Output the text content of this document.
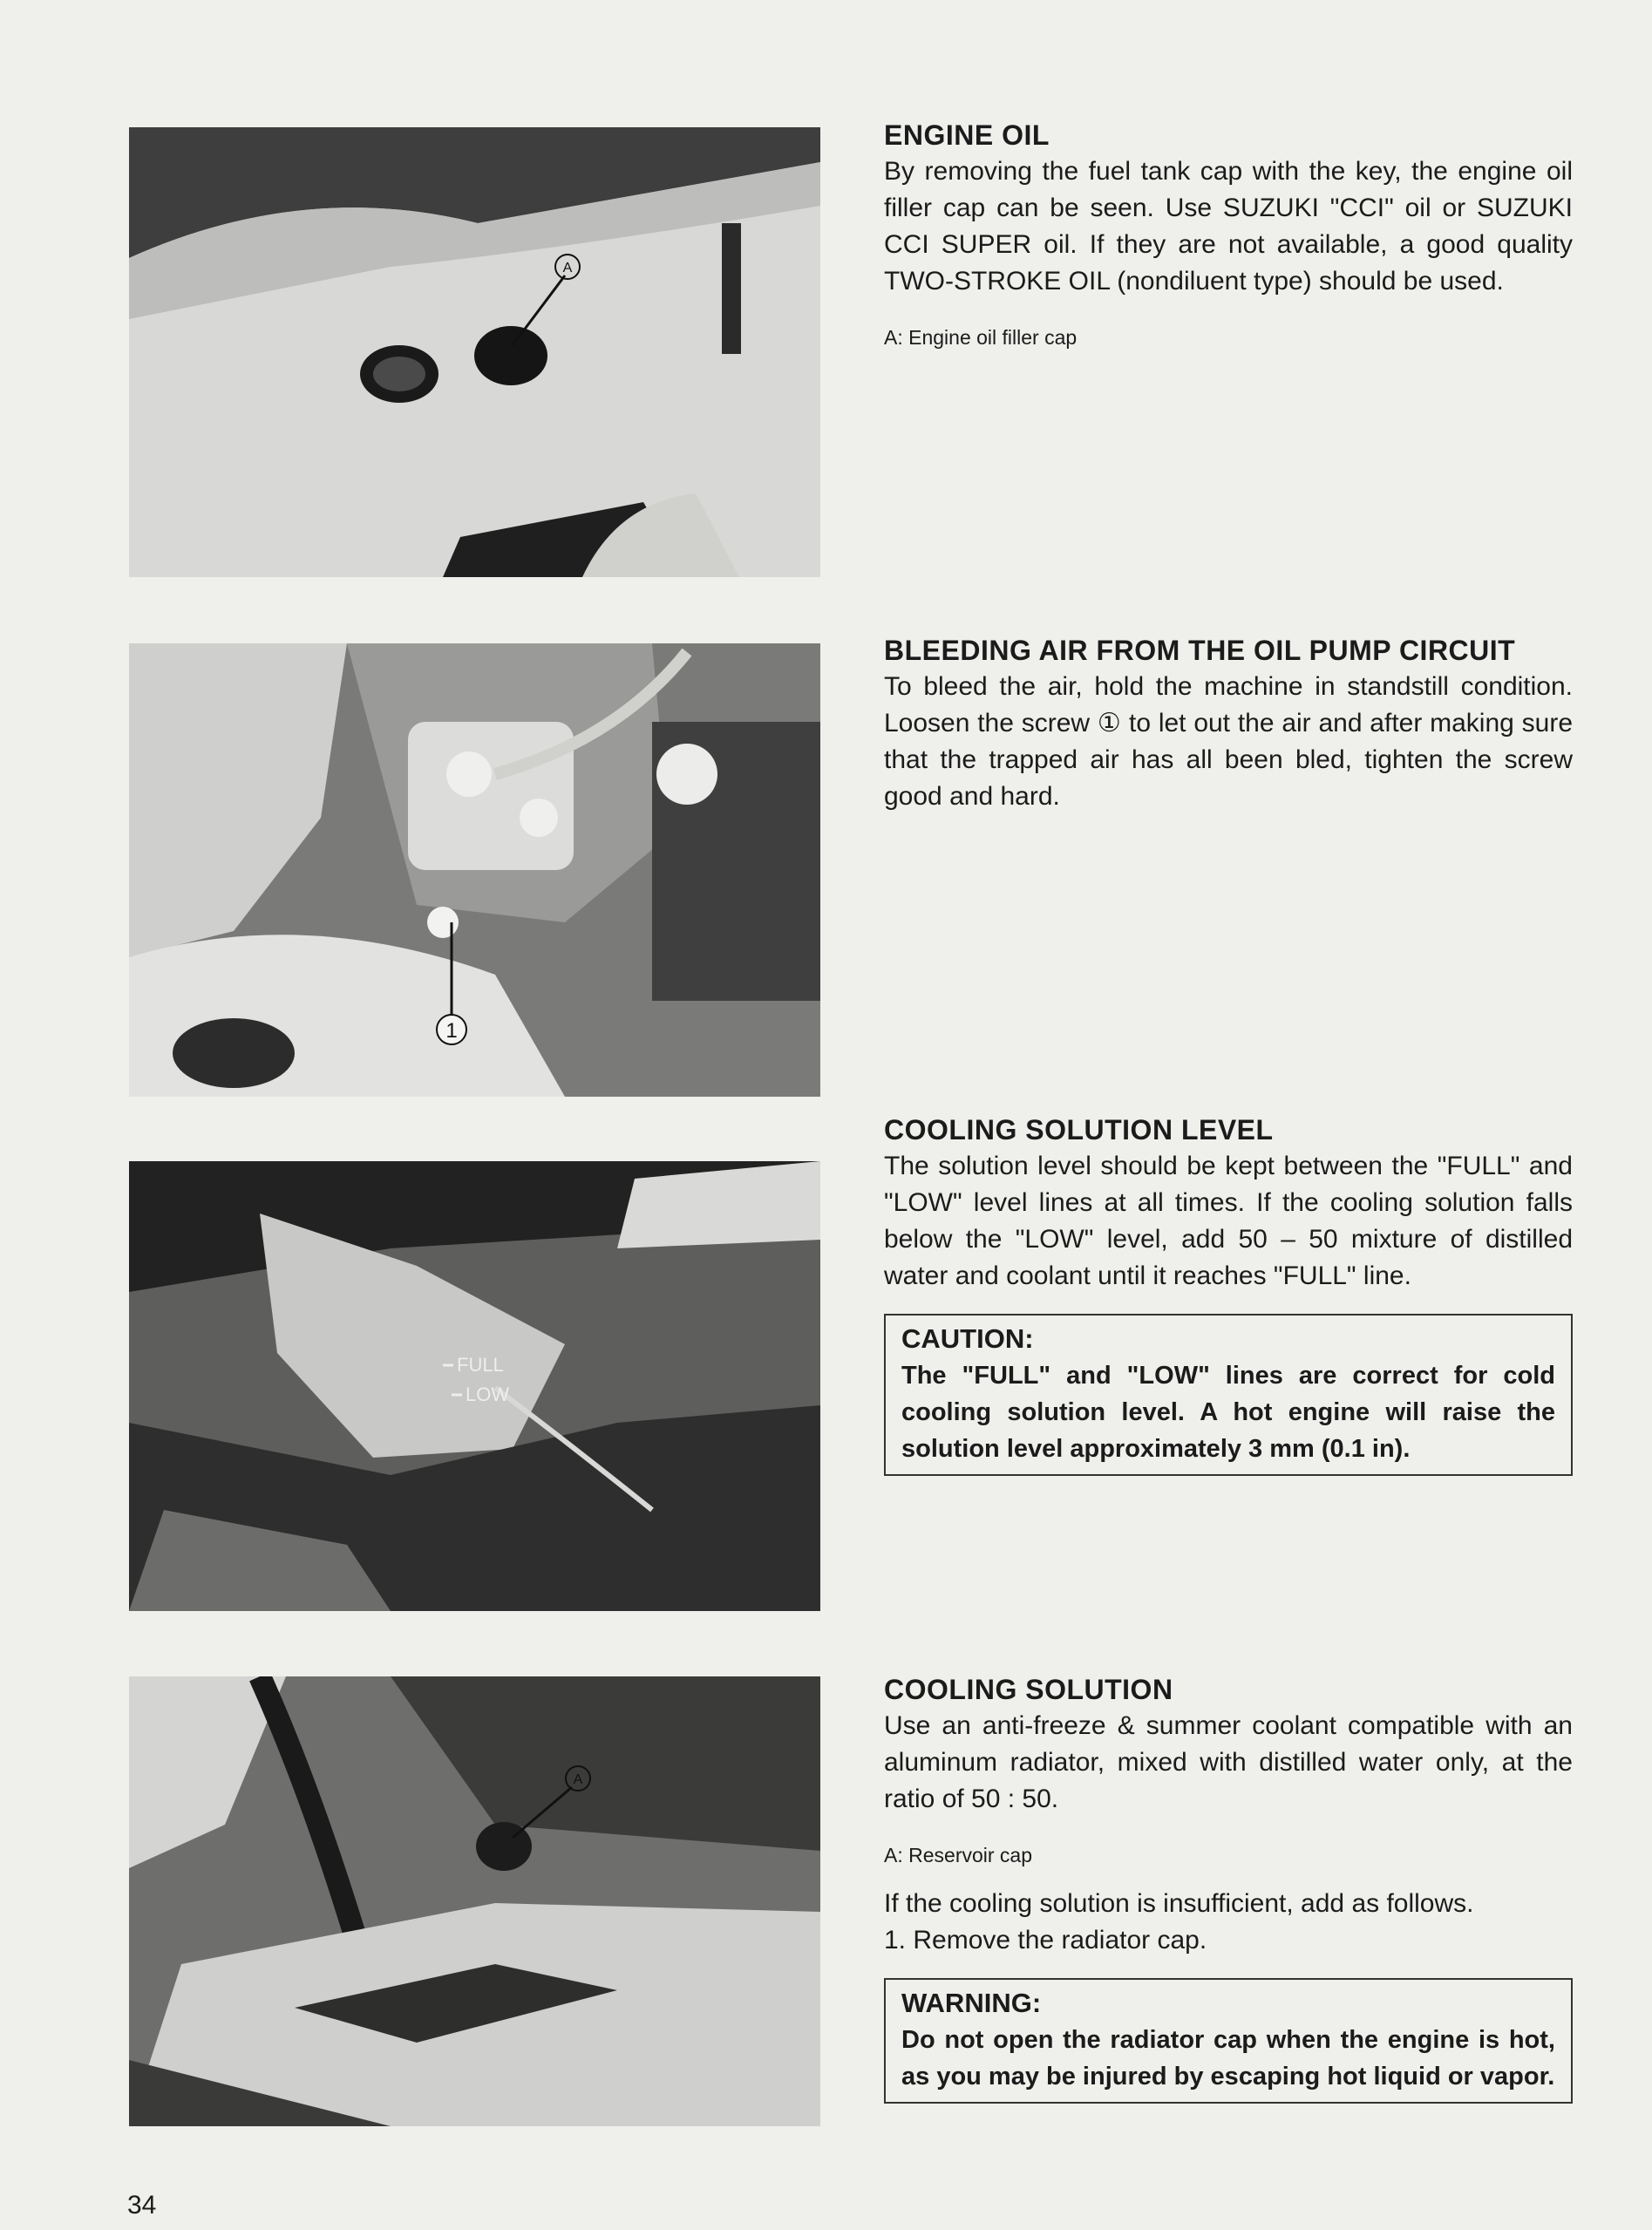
A
1
FULL
LOW
A

ENGINE OIL

By removing the fuel tank cap with the key, the engine oil filler cap can be seen. Use SUZUKI "CCI" oil or SUZUKI CCI SUPER oil. If they are not available, a good quality TWO-STROKE OIL (nondiluent type) should be used.

A: Engine oil filler cap

BLEEDING AIR FROM THE OIL PUMP CIRCUIT

To bleed the air, hold the machine in standstill condition. Loosen the screw ① to let out the air and after making sure that the trapped air has all been bled, tighten the screw good and hard.

COOLING SOLUTION LEVEL

The solution level should be kept between the "FULL" and "LOW" level lines at all times. If the cooling solution falls below the "LOW" level, add 50 – 50 mixture of distilled water and coolant until it reaches "FULL" line.

CAUTION:

The "FULL" and "LOW" lines are correct for cold cooling solution level. A hot engine will raise the solution level approximately 3 mm (0.1 in).

COOLING SOLUTION

Use an anti-freeze & summer coolant compatible with an aluminum radiator, mixed with distilled water only, at the ratio of 50 : 50.

A: Reservoir cap

If the cooling solution is insufficient, add as follows.

1. Remove the radiator cap.

WARNING:

Do not open the radiator cap when the engine is hot, as you may be injured by escaping hot liquid or vapor.

34
